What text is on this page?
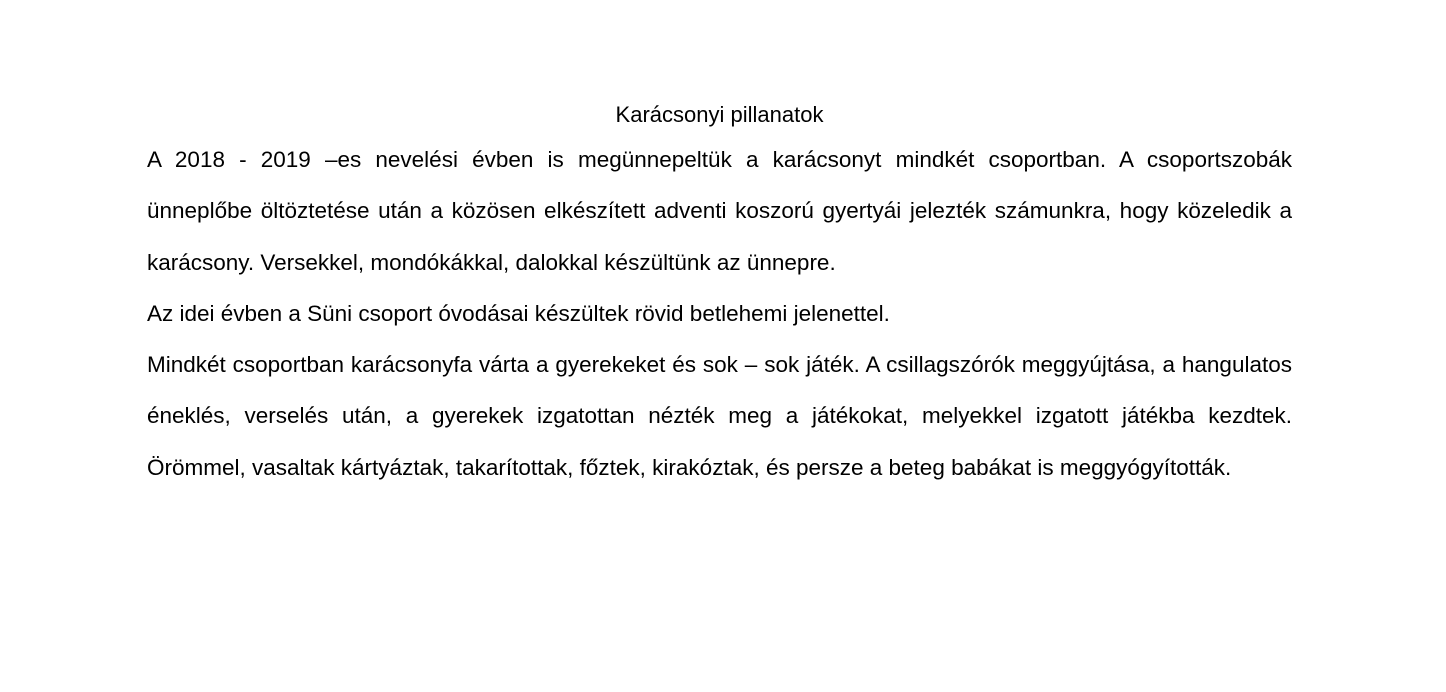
Karácsonyi pillanatok

A 2018 - 2019 –es nevelési évben is megünnepeltük a karácsonyt mindkét csoportban. A csoportszobák ünneplőbe öltöztetése után a közösen elkészített adventi koszorú gyertyái jelezték számunkra, hogy közeledik a karácsony. Versekkel, mondókákkal, dalokkal készültünk az ünnepre.

Az idei évben a Süni csoport óvodásai készültek rövid betlehemi jelenettel.

Mindkét csoportban karácsonyfa várta a gyerekeket és sok – sok játék. A csillagszórók meggyújtása, a hangulatos éneklés, verselés után, a gyerekek izgatottan nézték meg a játékokat, melyekkel izgatott játékba kezdtek. Örömmel, vasaltak kártyáztak, takarítottak, főztek, kirakóztak, és persze a beteg babákat is meggyógyították.
